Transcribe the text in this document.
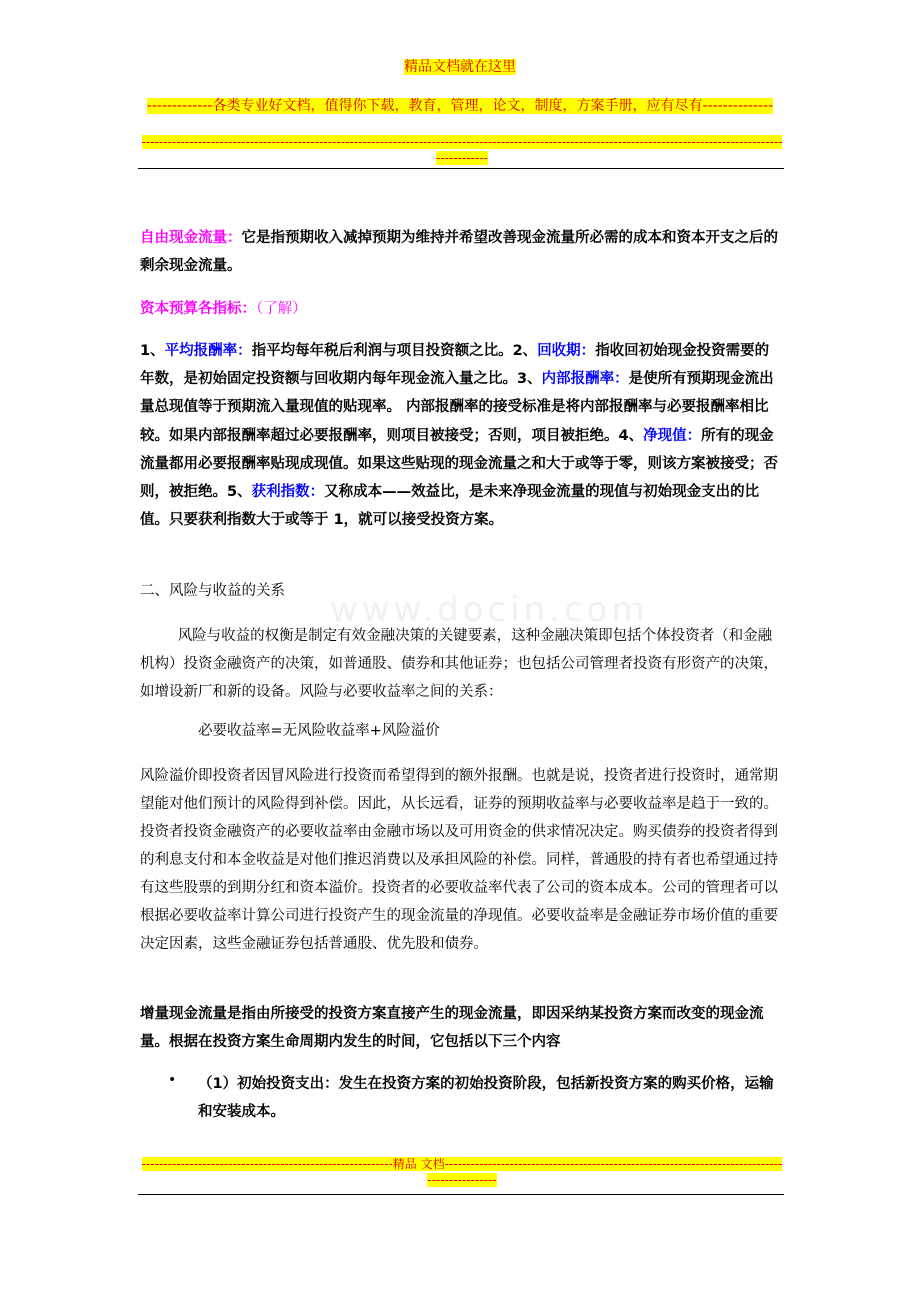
精品文档就在这里
-------------各类专业好文档，值得你下载，教育，管理，论文，制度，方案手册，应有尽有--------------
----------------------------------------------------------------------------------------------------------------------------------------------------------------
www.docin.com

自由现金流量：它是指预期收入减掉预期为维持并希望改善现金流量所必需的成本和资本开支之后的剩余现金流量。

资本预算各指标：（了解）

1、平均报酬率：指平均每年税后利润与项目投资额之比。2、回收期：指收回初始现金投资需要的年数，是初始固定投资额与回收期内每年现金流入量之比。3、内部报酬率：是使所有预期现金流出量总现值等于预期流入量现值的贴现率。 内部报酬率的接受标准是将内部报酬率与必要报酬率相比较。如果内部报酬率超过必要报酬率，则项目被接受；否则，项目被拒绝。4、净现值：所有的现金流量都用必要报酬率贴现成现值。如果这些贴现的现金流量之和大于或等于零，则该方案被接受；否则，被拒绝。5、获利指数：又称成本——效益比，是未来净现金流量的现值与初始现金支出的比值。只要获利指数大于或等于 1，就可以接受投资方案。

二、风险与收益的关系

风险与收益的权衡是制定有效金融决策的关键要素，这种金融决策即包括个体投资者（和金融机构）投资金融资产的决策，如普通股、债券和其他证券；也包括公司管理者投资有形资产的决策，如增设新厂和新的设备。风险与必要收益率之间的关系：

必要收益率=无风险收益率+风险溢价

风险溢价即投资者因冒风险进行投资而希望得到的额外报酬。也就是说，投资者进行投资时，通常期望能对他们预计的风险得到补偿。因此，从长远看，证券的预期收益率与必要收益率是趋于一致的。投资者投资金融资产的必要收益率由金融市场以及可用资金的供求情况决定。购买债券的投资者得到的利息支付和本金收益是对他们推迟消费以及承担风险的补偿。同样，普通股的持有者也希望通过持有这些股票的到期分红和资本溢价。投资者的必要收益率代表了公司的资本成本。公司的管理者可以根据必要收益率计算公司进行投资产生的现金流量的净现值。必要收益率是金融证券市场价值的重要决定因素，这些金融证券包括普通股、优先股和债券。

增量现金流量是指由所接受的投资方案直接产生的现金流量，即因采纳某投资方案而改变的现金流量。根据在投资方案生命周期内发生的时间，它包括以下三个内容

•	（1）初始投资支出：发生在投资方案的初始投资阶段，包括新投资方案的购买价格，运输和安装成本。

----------------------------------------------------------精品 文档----------------------------------------------------------------------------------------------
